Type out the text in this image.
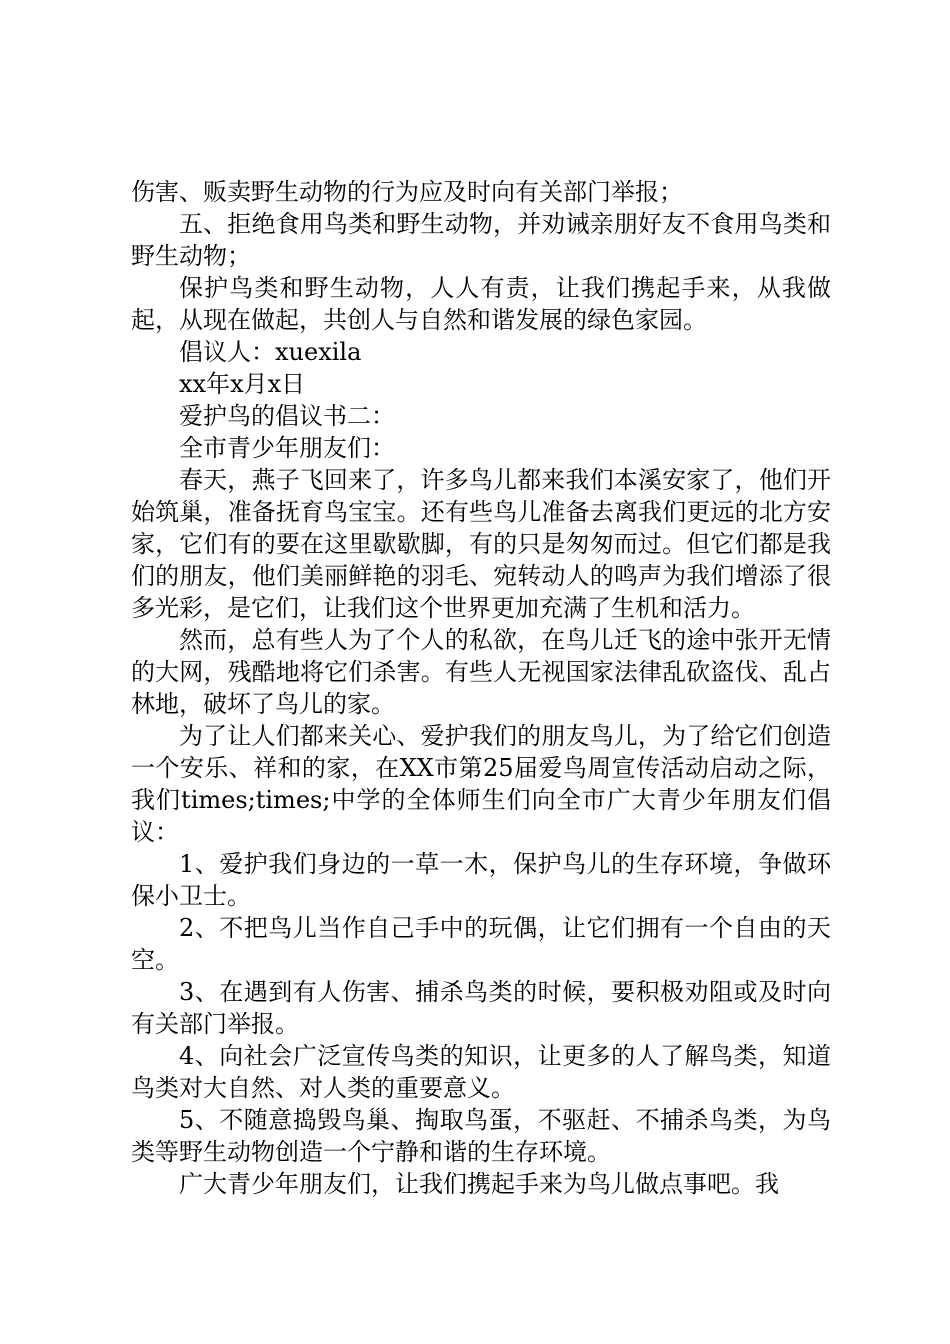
伤害、贩卖野生动物的行为应及时向有关部门举报；

五、拒绝食用鸟类和野生动物，并劝诫亲朋好友不食用鸟类和野生动物；

保护鸟类和野生动物，人人有责，让我们携起手来，从我做起，从现在做起，共创人与自然和谐发展的绿色家园。

倡议人：xuexila

xx年x月x日

爱护鸟的倡议书二：

全市青少年朋友们：

春天，燕子飞回来了，许多鸟儿都来我们本溪安家了，他们开始筑巢，准备抚育鸟宝宝。还有些鸟儿准备去离我们更远的北方安家，它们有的要在这里歇歇脚，有的只是匆匆而过。但它们都是我们的朋友，他们美丽鲜艳的羽毛、宛转动人的鸣声为我们增添了很多光彩，是它们，让我们这个世界更加充满了生机和活力。

然而，总有些人为了个人的私欲，在鸟儿迁飞的途中张开无情的大网，残酷地将它们杀害。有些人无视国家法律乱砍盗伐、乱占林地，破坏了鸟儿的家。

为了让人们都来关心、爱护我们的朋友鸟儿，为了给它们创造一个安乐、祥和的家，在XX市第25届爱鸟周宣传活动启动之际，我们times;times;中学的全体师生们向全市广大青少年朋友们倡议：

1、爱护我们身边的一草一木，保护鸟儿的生存环境，争做环保小卫士。

2、不把鸟儿当作自己手中的玩偶，让它们拥有一个自由的天空。

3、在遇到有人伤害、捕杀鸟类的时候，要积极劝阻或及时向有关部门举报。

4、向社会广泛宣传鸟类的知识，让更多的人了解鸟类，知道鸟类对大自然、对人类的重要意义。

5、不随意捣毁鸟巢、掏取鸟蛋，不驱赶、不捕杀鸟类，为鸟类等野生动物创造一个宁静和谐的生存环境。

广大青少年朋友们，让我们携起手来为鸟儿做点事吧。我
